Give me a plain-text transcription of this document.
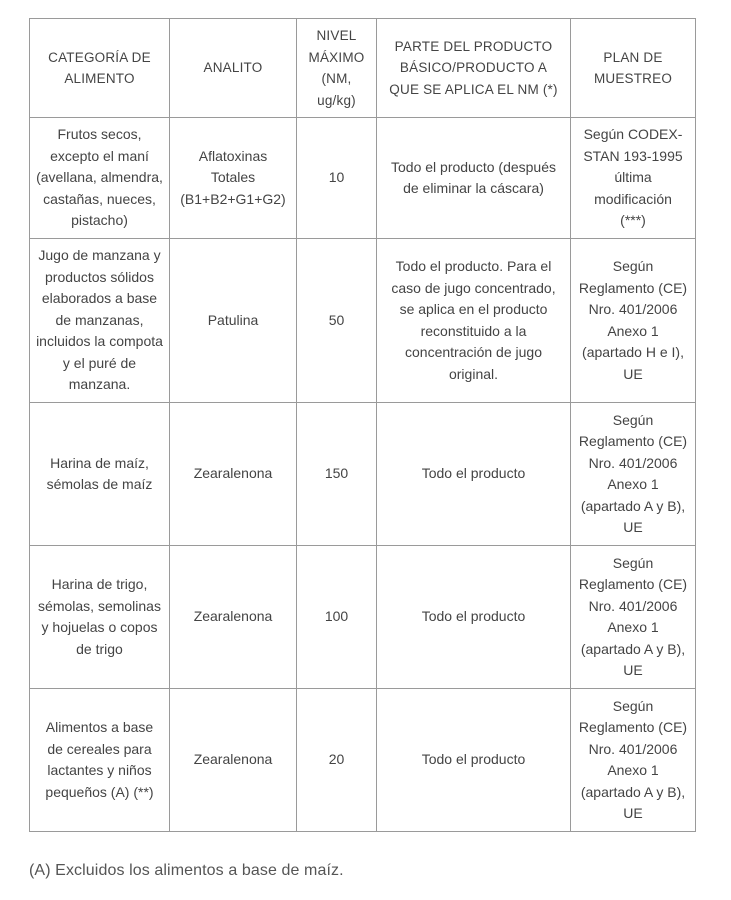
CATEGORÍA DE ALIMENTO	ANALITO	NIVEL MÁXIMO (NM, ug/kg)	PARTE DEL PRODUCTO BÁSICO/PRODUCTO A QUE SE APLICA EL NM (*)	PLAN DE MUESTREO
Frutos secos, excepto el maní (avellana, almendra, castañas, nueces, pistacho)	Aflatoxinas Totales (B1+B2+G1+G2)	10	Todo el producto (después de eliminar la cáscara)	Según CODEX-STAN 193-1995 última modificación (***)
Jugo de manzana y productos sólidos elaborados a base de manzanas, incluidos la compota y el puré de manzana.	Patulina	50	Todo el producto. Para el caso de jugo concentrado, se aplica en el producto reconstituido a la concentración de jugo original.	Según Reglamento (CE) Nro. 401/2006 Anexo 1 (apartado H e I), UE
Harina de maíz, sémolas de maíz	Zearalenona	150	Todo el producto	Según Reglamento (CE) Nro. 401/2006 Anexo 1 (apartado A y B), UE
Harina de trigo, sémolas, semolinas y hojuelas o copos de trigo	Zearalenona	100	Todo el producto	Según Reglamento (CE) Nro. 401/2006 Anexo 1 (apartado A y B), UE
Alimentos a base de cereales para lactantes y niños pequeños (A) (**)	Zearalenona	20	Todo el producto	Según Reglamento (CE) Nro. 401/2006 Anexo 1 (apartado A y B), UE
(A) Excluidos los alimentos a base de maíz.
